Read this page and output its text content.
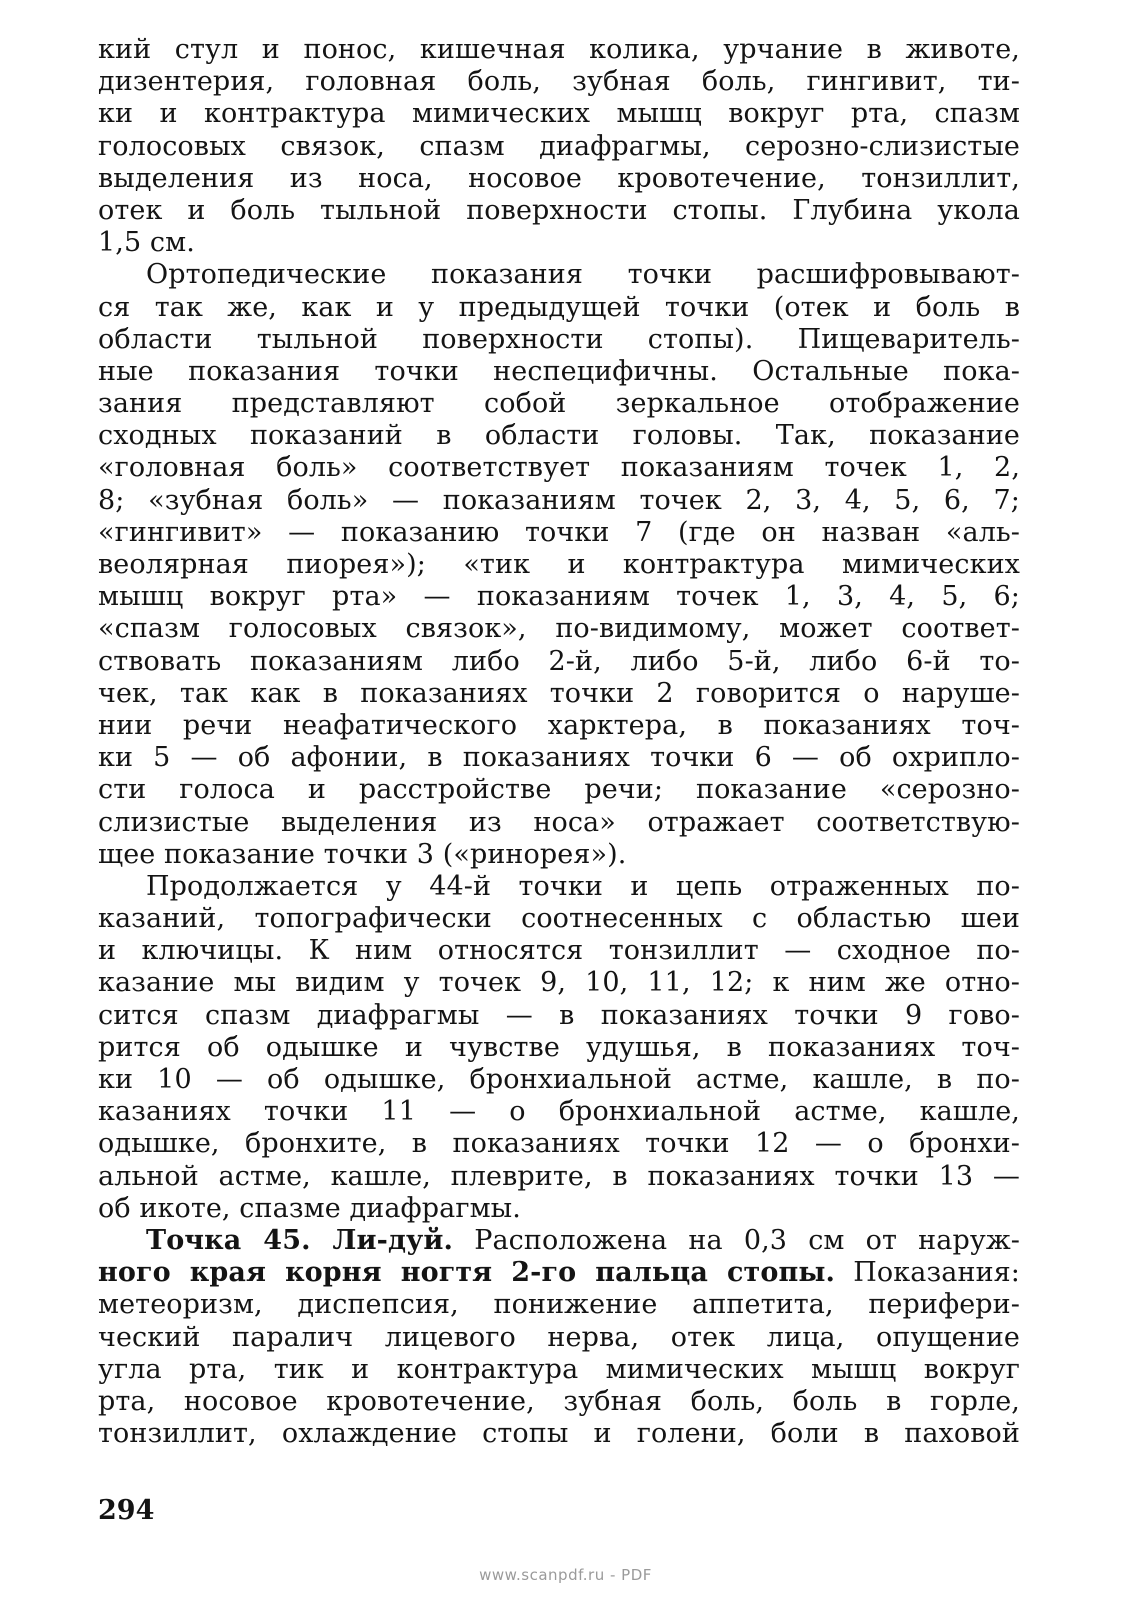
кий стул и понос, кишечная колика, урчание в животе,
дизентерия, головная боль, зубная боль, гингивит, ти-
ки и контрактура мимических мышц вокруг рта, спазм
голосовых связок, спазм диафрагмы, серозно-слизистые
выделения из носа, носовое кровотечение, тонзиллит,
отек и боль тыльной поверхности стопы. Глубина укола
1,5 см.
Ортопедические показания точки расшифровывают-
ся так же, как и у предыдущей точки (отек и боль в
области тыльной поверхности стопы). Пищеваритель-
ные показания точки неспецифичны. Остальные пока-
зания представляют собой зеркальное отображение
сходных показаний в области головы. Так, показание
«головная боль» соответствует показаниям точек 1, 2,
8; «зубная боль» — показаниям точек 2, 3, 4, 5, 6, 7;
«гингивит» — показанию точки 7 (где он назван «аль-
веолярная пиорея»); «тик и контрактура мимических
мышц вокруг рта» — показаниям точек 1, 3, 4, 5, 6;
«спазм голосовых связок», по-видимому, может соответ-
ствовать показаниям либо 2-й, либо 5-й, либо 6-й то-
чек, так как в показаниях точки 2 говорится о наруше-
нии речи неафатического харктера, в показаниях точ-
ки 5 — об афонии, в показаниях точки 6 — об охрипло-
сти голоса и расстройстве речи; показание «серозно-
слизистые выделения из носа» отражает соответствую-
щее показание точки 3 («ринорея»).
Продолжается у 44-й точки и цепь отраженных по-
казаний, топографически соотнесенных с областью шеи
и ключицы. К ним относятся тонзиллит — сходное по-
казание мы видим у точек 9, 10, 11, 12; к ним же отно-
сится спазм диафрагмы — в показаниях точки 9 гово-
рится об одышке и чувстве удушья, в показаниях точ-
ки 10 — об одышке, бронхиальной астме, кашле, в по-
казаниях точки 11 — о бронхиальной астме, кашле,
одышке, бронхите, в показаниях точки 12 — о бронхи-
альной астме, кашле, плеврите, в показаниях точки 13 —
об икоте, спазме диафрагмы.
Точка 45. Ли-дуй. Расположена на 0,3 см от наруж-
ного края корня ногтя 2-го пальца стопы. Показания:
метеоризм, диспепсия, понижение аппетита, перифери-
ческий паралич лицевого нерва, отек лица, опущение
угла рта, тик и контрактура мимических мышц вокруг
рта, носовое кровотечение, зубная боль, боль в горле,
тонзиллит, охлаждение стопы и голени, боли в паховой
294
www.scanpdf.ru - PDF
